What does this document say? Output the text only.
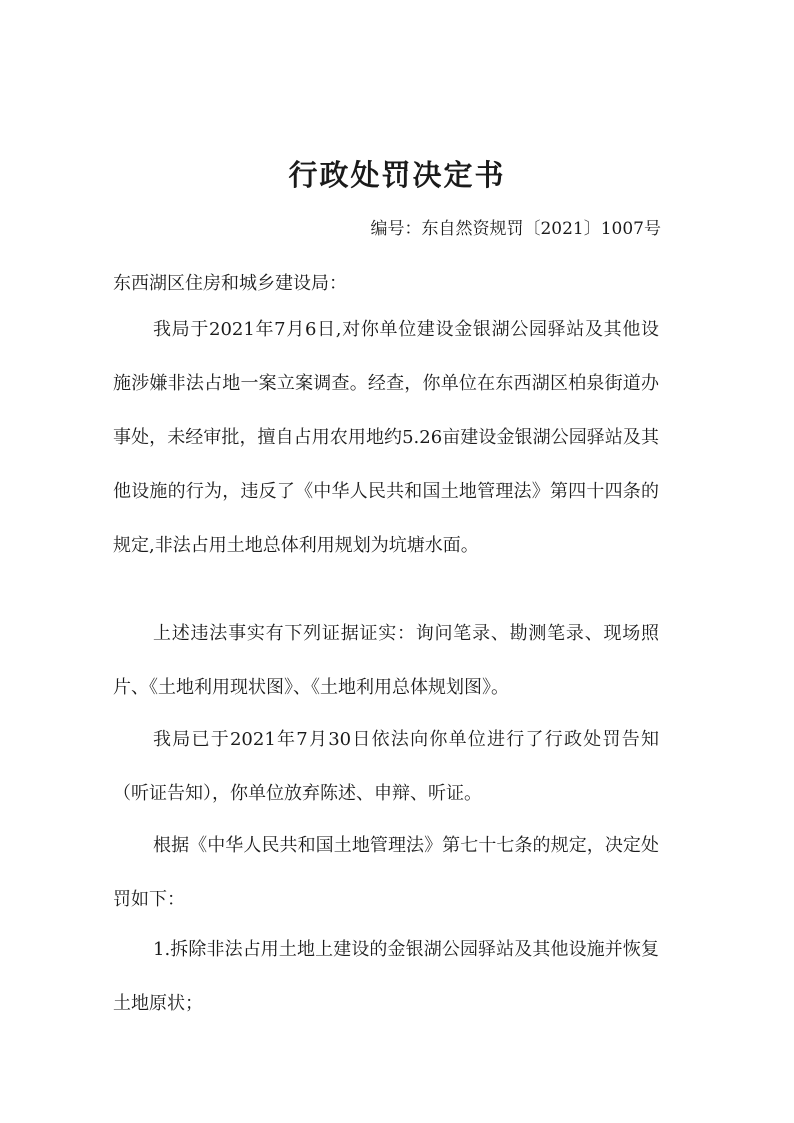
行政处罚决定书
编号：东自然资规罚〔2021〕1007号
东西湖区住房和城乡建设局：

我局于2021年7月6日,对你单位建设金银湖公园驿站及其他设施涉嫌非法占地一案立案调查。经查，你单位在东西湖区柏泉街道办事处，未经审批，擅自占用农用地约5.26亩建设金银湖公园驿站及其他设施的行为，违反了《中华人民共和国土地管理法》第四十四条的规定,非法占用土地总体利用规划为坑塘水面。

上述违法事实有下列证据证实：询问笔录、勘测笔录、现场照片、《土地利用现状图》、《土地利用总体规划图》。

我局已于2021年7月30日依法向你单位进行了行政处罚告知（听证告知），你单位放弃陈述、申辩、听证。

根据《中华人民共和国土地管理法》第七十七条的规定，决定处罚如下：

1.拆除非法占用土地上建设的金银湖公园驿站及其他设施并恢复土地原状；
